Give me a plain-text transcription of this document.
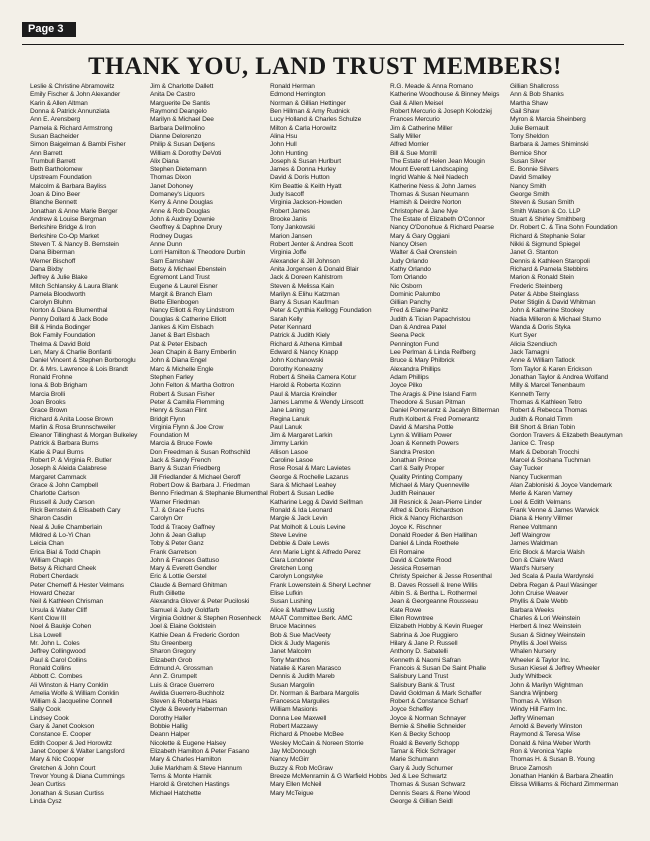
Page 3
THANK YOU, LAND TRUST MEMBERS!
Leslie & Christine Abramowitz
Emily Fischer & John Alexander
Karin & Allen Altman
Donna & Patrick Annunziata
Ann E. Arensberg
Pamela & Richard Armstrong
Susan Bacheider
Simon Baigelman & Bambi Fisher
Ann Barrett
Trumbull Barrett
Beth Bartholomew
Upstream Foundation
Malcolm & Barbara Bayliss
Joan & Dino Beer
Blanche Bennett
Jonathan & Anne Marie Berger
Andrew & Louise Bergman
Berkshire Bridge & Iron
Berkshire Co-Op Market
Steven T. & Nancy B. Bernstein
Dana Biberman
Werner Bischoff
Dana Bixby
Jeffrey & Julie Blake
Mitch Schlansky & Laura Blank
Pamela Bloodworth
Carolyn Bluhm
Norton & Diana Blumenthal
Penny Dollard & Jack Bode
Bill & Hinda Bodinger
Bok Family Foundation
Thelma & David Bold
Len, Mary & Charlie Bonfanti
Daniel Vincent & Stephen Borboroglu
Dr. & Mrs. Lawrence & Lois Brandt
Ronald Frohne
Iona & Bob Brigham
Marcia Brolli
Joan Brooks
Grace Brown
Richard & Anita Loose Brown
Marlin & Rosa Brunnschweiler
Eleanor Tillinghast & Morgan Bulkeley
Patrick & Barbara Burns
Katie & Paul Burns
Robert P. & Virginia R. Butler
Joseph & Aleida Calabrese
Margaret Cammack
Grace & John Campbell
Charlotte Carlson
Russell & Judy Carson
Rick Bernstein & Elisabeth Cary
Sharon Casdin
Neal & Julie Chamberlain
Mildred & Lo-Yi Chan
Leicia Chan
Erica Bial & Todd Chapin
William Chapin
Betsy & Richard Cheek
Robert Cherdack
Peter Chemeff & Hester Velmans
Howard Chezar
Neil & Kathleen Chrisman
Ursula & Walter Cliff
Kent Clow III
Noel & Baukje Cohen
Lisa Lowell
Mr. John L. Coles
Jeffrey Collingwood
Paul & Carol Collins
Ronald Collins
Abbott C. Combes
Ali Winston & Harry Conklin
Amelia Wolfe & William Conklin
William & Jacqueline Connell
Sally Cook
Lindsey Cook
Gary & Janet Cookson
Constance E. Cooper
Edith Cooper & Jed Horowitz
Janet Cooper & Walter Langsford
Mary & Nic Cooper
Gretchen & John Court
Trevor Young & Diana Cummings
Jean Curtiss
Jonathan & Susan Curtiss
Linda Cysz
Jim & Charlotte Dallett
Anita De Castro
Marguerite De Santis
Raymond Deangelo
Marilyn & Michael Dee
Barbara DeIlmolino
Dianne Delorenzo
Philip & Susan Detjens
William & Dorothy DeVoti
Alix Diana
Stephen Dietemann
Thomas Dixon
Janet Dohoney
Domaney's Liquors
Kerry & Anne Douglas
Anne & Rob Douglas
John & Audrey Downie
Geoffrey & Daphne Drury
Rodney Dugas
Anne Dunn
Lorri Hamilton & Theodore Durbin
Sam Earnshaw
Betsy & Michael Ebenstein
Egremont Land Trust
Eugene & Laurel Eisner
Margit & Branch Elam
Bette Ellenbogen
Nancy Elliott & Roy Lindstrom
Douglas & Catherine Elliott
Jankes & Kim Elsbach
Janet & Bart Elsbach
Pat & Peter Elsbach
Jean Chapin & Barry Emberlin
John & Diana Engel
Marc & Michelle Engle
Stephen Farley
John Felton & Martha Gottron
Robert & Susan Fisher
Peter & Camilla Flemming
Henry & Susan Flint
Bridgit Flynn
Virginia Flynn & Joe Crow
Foundation M
Marcia & Bruce Fowle
Don Freedman & Susan Rothschild
Jack & Sandy French
Barry & Suzan Friedberg
Jill Friedlander & Michael Geroff
Robert Dow & Barbara J. Friedman
Benno Friedman & Stephanie Blumenthal
Warner Friedman
T.J. & Grace Fuchs
Carolyn Orr
Todd & Tracey Gaffney
John & Jean Gallup
Toby & Peter Ganz
Frank Garretson
John & Frances Gattuso
Mary & Everett Gendler
Eric & Lottie Gerstel
Claude & Bernard Ghitman
Ruth Gillette
Alexandra Glover & Peter Puciloski
Samuel & Judy Goldfarb
Virginia Goldner & Stephen Rosenheck
Joel & Elaine Goldstein
Kathie Dean & Frederic Gordon
Stu Greenberg
Sharon Gregory
Elizabeth Grob
Edmund A. Grossman
Ann Z. Grumpelt
Luis & Grace Guerrero
Awilda Guerrero-Buchholz
Steven & Roberta Haas
Clyde & Beverly Haberman
Dorothy Haller
Bobbie Hallig
Deann Halper
Nicolette & Eugene Halsey
Elizabeth Hamilton & Peter Fasano
Mary & Charles Hamilton
Julie Markham & Steve Hannum
Terns & Monte Harnik
Harold & Gretchen Hastings
Michael Hatchette
Ronald Herman
Edmond Herrington
Norman & Gillian Hettinger
Ben Hillman & Amy Rudnick
Lucy Holland & Charles Schulze
Milton & Carla Horowitz
Alina Hsu
John Hull
John Hunting
Joseph & Susan Hurlburt
James & Donna Hurley
David & Doris Hutton
Kim Beattie & Keith Hyatt
Judy Isacoff
Virginia Jackson-Howden
Robert James
Brooke Janis
Tony Jankowski
Marion Jansen
Robert Jenter & Andrea Scott
Virginia Joffe
Alexander & Jill Johnson
Anita Jorgensen & Donald Blair
Jack & Doreen Kahlstrom
Steven & Melissa Kain
Marilyn & Elihu Katzman
Barry & Susan Kaufman
Peter & Cynthia Kellogg Foundation
Sarah Kelly
Peter Kennard
Patrick & Judith Kiely
Richard & Athena Kimball
Edward & Nancy Knapp
John Kochanowski
Dorothy Koneazny
Robert & Sheila Camera Kotur
Harold & Roberta Kozinn
Paul & Marcia Kreindler
James Lamme & Wendy Linscott
Jane Laning
Regina Lanuk
Paul Lanuk
Jim & Margaret Larkin
Jimmy Larkin
Allison Lasoe
Caroline Lasoe
Rose Rosal & Marc Lavietes
George & Rochelle Lazarus
Sara & Michael Leahey
Robert & Susan Ledlie
Katharine Legg & David Seifman
Ronald & Ida Leonard
Margie & Jack Levin
Pat Molholt & Louis Levine
Steve Levine
Debbie & Dale Lewis
Ann Marie Light & Alfredo Perez
Clara Londoner
Gretchen Long
Carolyn Longstyke
Frank Lowenstein & Sheryl Lechner
Elise Lufkin
Susan Lushing
Alice & Matthew Lustig
MAAT Committee Berk. AMC
Bruce Macinnes
Bob & Sue MacVeety
Dick & Judy Magenis
Janet Malcolm
Tony Manthos
Natalie & Karen Marasco
Dennis & Judith Mareb
Susan Margolin
Dr. Norman & Barbara Margolis
Francesca Marguiles
William Masionis
Donna Lee Maxwell
Robert Mazzawy
Richard & Phoebe McBee
Wesley McCain & Noreen Storrie
Jay McDonough
Nancy McGirr
Buzzy & Rob McGraw
Breeze McMenramin & G Warfield Hobbs
Mary Ellen McNeil
Mary McTeigue
R.G. Meade & Anna Romano
Katherine Woodhouse & Binney Meigs
Gail & Allen Meisel
Robert Mercurio & Joseph Kolodziej
Frances Mercurio
Jim & Catherine Miller
Sally Miller
Alfred Morrier
Bill & Sue Morrill
The Estate of Helen Jean Mougin
Mount Everett Landscaping
Ingrid Wahle & Neil Nadech
Katherine Ness & John James
Thomas & Susan Neumann
Hamish & Deirdre Norton
Christopher & Jane Nye
The Estate of Elizabeth O'Connor
Nancy O'Donohue & Richard Pearse
Mary & Gary Oggiani
Nancy Olsen
Walter & Gail Orenstein
Judy Orlando
Kathy Orlando
Tom Orlando
Nic Osborn
Dominic Palumbo
Gillian Panchy
Fred & Elaine Panitz
Judith & Tician Papachristou
Dan & Andrea Patel
Seena Peck
Pennington Fund
Lee Perlman & Linda Reifberg
Bruce & Mary Philbrick
Alexandra Phillips
Adam Phillips
Joyce Pilko
The Aragis & Pine Island Farm
Theodore & Susan Pitman
Daniel Pomerantz & Jacalyn Bitterman
Ruth Kolbert & Fred Pomerantz
David & Marsha Pottle
Lynn & William Power
Joan & Kenneth Powers
Sandra Preston
Jonathan Prince
Carl & Sally Proper
Quality Printing Company
Michael & Mary Quenneville
Judith Reinauer
Jill Resnick & Jean-Pierre Linder
Alfred & Doris Richardson
Rick & Nancy Richardson
Joyce K. Rischner
Donald Roeder & Ben Hallihan
Daniel & Linda Roethele
Eli Romaine
David & Colette Rood
Jessica Roseman
Christy Speicher & Jesse Rosenthal
B. Daves Rossell & Irene Willis
Albin S. & Bertha L. Rothermel
Jean & Georgeanne Rousseau
Kate Rowe
Ellen Rowntree
Elizabeth Hobby & Kevin Rueger
Sabrina & Joe Ruggiero
Hilary & Jane P. Russell
Anthony D. Sabatelli
Kenneth & Naomi Safran
Francois & Susan De Saint Phalle
Salisbury Land Trust
Salisbury Bank & Trust
David Goldman & Mark Schaffer
Robert & Constance Scharf
Joyce Scheffey
Joyce & Norman Schnayer
Bernie & Shellie Schneider
Ken & Becky Schoop
Roald & Beverly Schopp
Tamar & Rick Schrager
Marie Schumann
Gary & Judy Schurner
Jed & Lee Schwartz
Thomas & Susan Schwarz
Dennis Sears & Rene Wood
George & Gillian Seidl
Gillian Shallcross
Ann & Bob Shanks
Martha Shaw
Gail Shaw
Myron & Marcia Sheinberg
Julie Bernault
Tony Sheldon
Barbara & James Shiminski
Bernice Shor
Susan Silver
E. Bonnie Silvers
David Smalley
Nancy Smith
George Smith
Steven & Susan Smith
Smith Watson & Co. LLP
Stuart & Shirley Smithberg
Dr. Robert C. & Tina Sohn Foundation
Richard & Stephanie Solar
Nikki & Sigmund Spiegel
Janet G. Stanton
Dennis & Kathleen Staropoli
Richard & Pamela Stebbins
Marion & Ronald Stein
Frederic Steinberg
Peter & Abbe Steinglass
Peter Stiglin & David Whitman
John & Katherine Stookey
Nadia Milleron & Michael Stumo
Wanda & Doris Styka
Kurt Syer
Alicia Szendiuch
Jack Tamagni
Anne & William Tatlock
Tom Taylor & Karen Erickson
Jonathan Taylor & Andrea Wolfand
Milly & Marcel Tenenbaum
Kenneth Terry
Thomas & Kathleen Tetro
Robert & Rebecca Thomas
Judith & Ronald Timm
Bill Short & Brian Tobin
Gordon Travers & Elizabeth Beautyman
Janice C. Tresp
Mark & Deborah Trocchi
Marcel & Soshana Tuchman
Gay Tucker
Nancy Tuckerman
Alan Zabloniski & Joyce Vandemark
Merle & Karen Varney
Loel & Edith Velmans
Frank Venne & James Warwick
Diana & Henry Villmer
Renee Voltmann
Jeff Waingrow
James Waldman
Eric Block & Marcia Walsh
Don & Claire Ward
Ward's Nursery
Jed Scala & Paula Wardynski
Debra Regan & Paul Wasinger
John Cruise Weaver
Phyllis & Dale Webb
Barbara Weeks
Charles & Lori Weinstein
Herbert & Inez Weinstein
Susan & Sidney Weinstein
Phyllis & Joel Weiss
Whalen Nursery
Wheeler & Taylor Inc.
Susan Kiesel & Jeffrey Wheeler
Judy Whitbeck
John & Marilyn Wightman
Sandra Wijnberg
Thomas A. Wilson
Windy Hill Farm Inc.
Jeffry Wineman
Arnold & Beverly Winston
Raymond & Teresa Wise
Donald & Nina Weber Worth
Ron & Veronica Yaple
Thomas H. & Susan B. Young
Bruce Zamosh
Jonathan Hankin & Barbara Zheatlin
Elissa Williams & Richard Zimmerman
